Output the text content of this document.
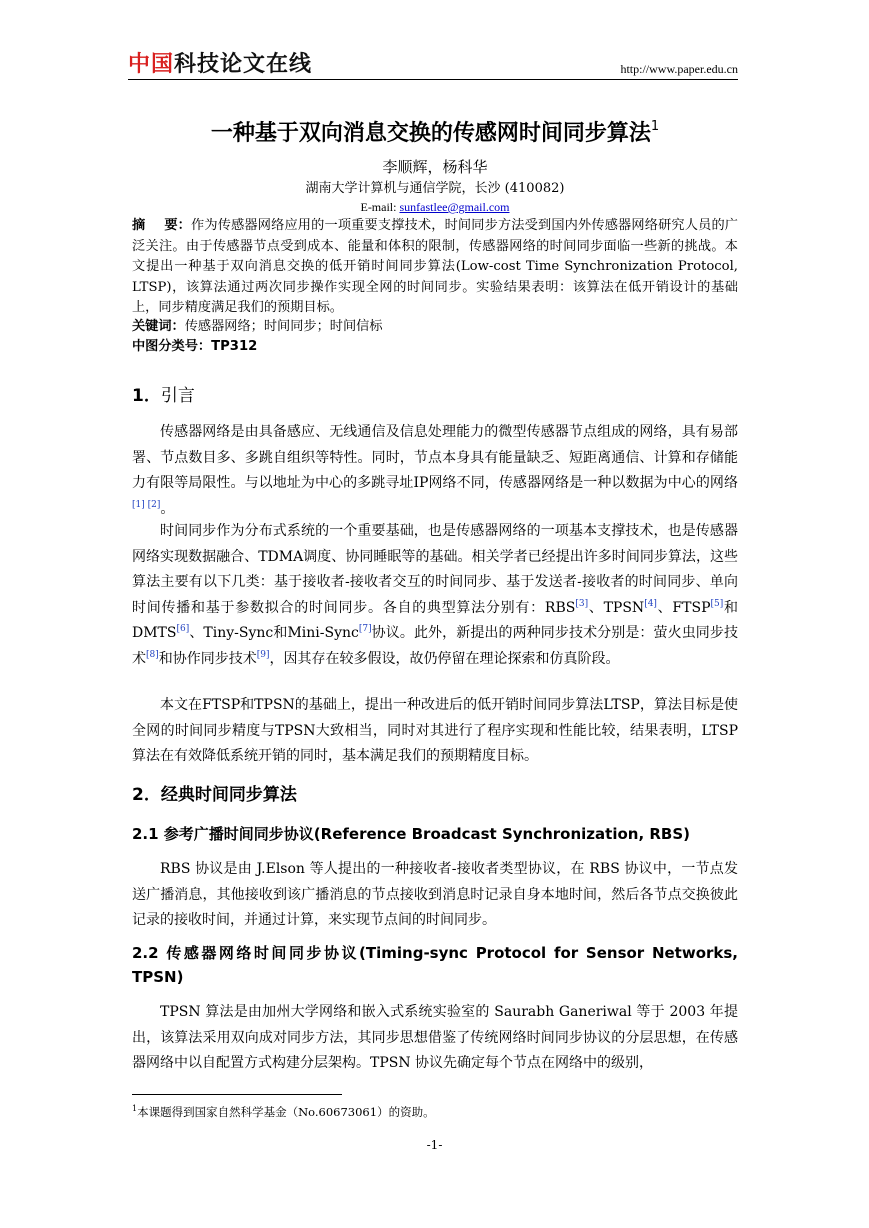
中国科技论文在线	http://www.paper.edu.cn
一种基于双向消息交换的传感网时间同步算法$^1$
李顺辉，杨科华
湖南大学计算机与通信学院，长沙 (410082)
E-mail: sunfastlee@gmail.com
摘    要：作为传感器网络应用的一项重要支撑技术，时间同步方法受到国内外传感器网络研究人员的广泛关注。由于传感器节点受到成本、能量和体积的限制，传感器网络的时间同步面临一些新的挑战。本文提出一种基于双向消息交换的低开销时间同步算法(Low-cost Time Synchronization Protocol, LTSP)，该算法通过两次同步操作实现全网的时间同步。实验结果表明：该算法在低开销设计的基础上，同步精度满足我们的预期目标。
关键词：传感器网络；时间同步；时间信标
中图分类号：TP312
1．引言
传感器网络是由具备感应、无线通信及信息处理能力的微型传感器节点组成的网络，具有易部署、节点数目多、多跳自组织等特性。同时，节点本身具有能量缺乏、短距离通信、计算和存储能力有限等局限性。与以地址为中心的多跳寻址IP网络不同，传感器网络是一种以数据为中心的网络[1] [2]。
时间同步作为分布式系统的一个重要基础，也是传感器网络的一项基本支撑技术，也是传感器网络实现数据融合、TDMA调度、协同睡眠等的基础。相关学者已经提出许多时间同步算法，这些算法主要有以下几类：基于接收者-接收者交互的时间同步、基于发送者-接收者的时间同步、单向时间传播和基于参数拟合的时间同步。各自的典型算法分别有：RBS[3]、TPSN[4]、FTSP[5]和DMTS[6]、Tiny-Sync和Mini-Sync[7]协议。此外，新提出的两种同步技术分别是：萤火虫同步技术[8]和协作同步技术[9]，因其存在较多假设，故仍停留在理论探索和仿真阶段。
本文在FTSP和TPSN的基础上，提出一种改进后的低开销时间同步算法LTSP，算法目标是使全网的时间同步精度与TPSN大致相当，同时对其进行了程序实现和性能比较，结果表明，LTSP算法在有效降低系统开销的同时，基本满足我们的预期精度目标。
2．经典时间同步算法
2.1 参考广播时间同步协议(Reference Broadcast Synchronization, RBS)
RBS 协议是由 J.Elson 等人提出的一种接收者-接收者类型协议，在 RBS 协议中，一节点发送广播消息，其他接收到该广播消息的节点接收到消息时记录自身本地时间，然后各节点交换彼此记录的接收时间，并通过计算，来实现节点间的时间同步。
2.2 传感器网络时间同步协议(Timing-sync Protocol for Sensor Networks, TPSN)
TPSN 算法是由加州大学网络和嵌入式系统实验室的 Saurabh Ganeriwal 等于 2003 年提出，该算法采用双向成对同步方法，其同步思想借鉴了传统网络时间同步协议的分层思想，在传感器网络中以自配置方式构建分层架构。TPSN 协议先确定每个节点在网络中的级别，
$^1$本课题得到国家自然科学基金（No.60673061）的资助。
-1-
